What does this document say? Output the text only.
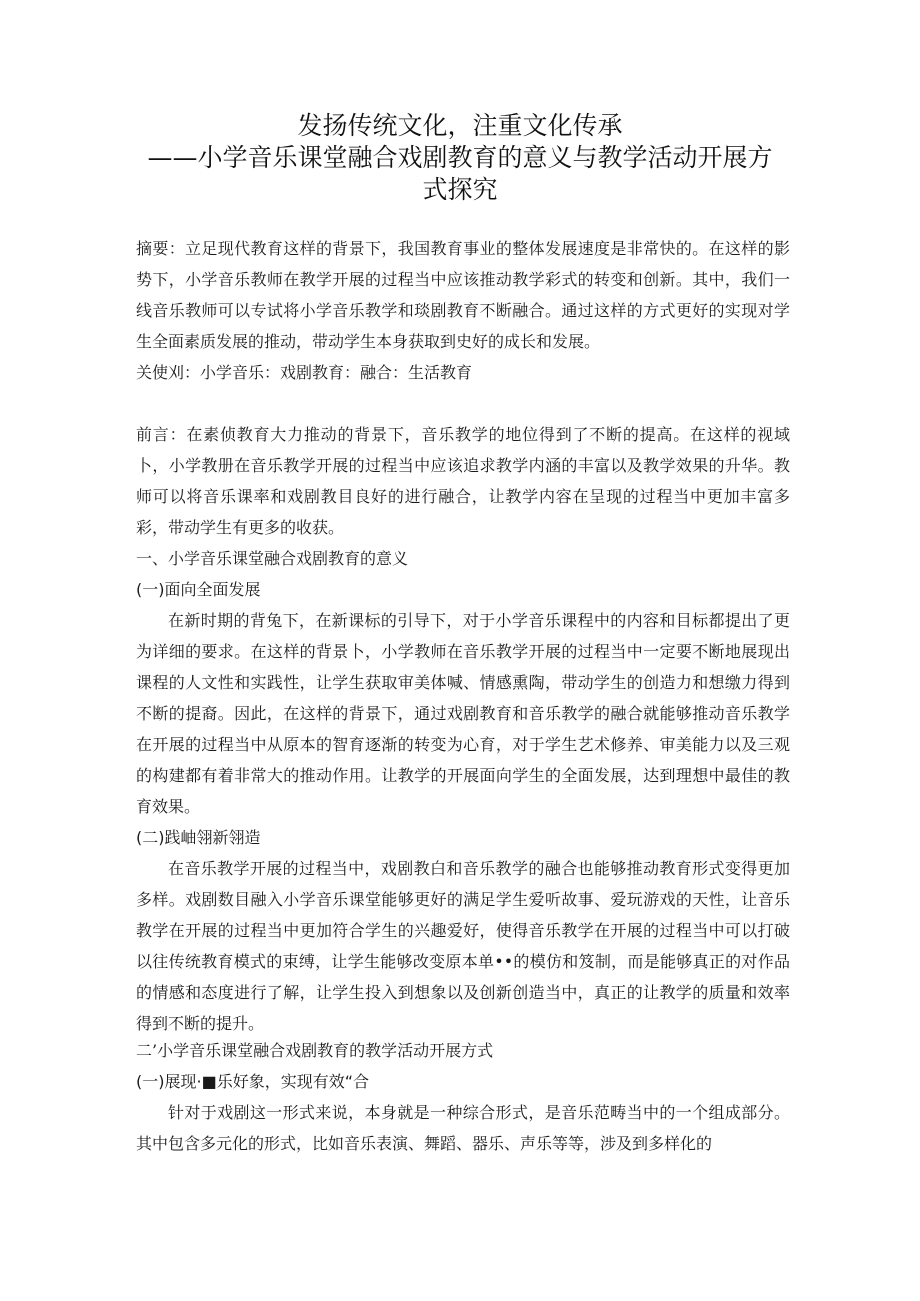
发扬传统文化，注重文化传承
——小学音乐课堂融合戏剧教育的意义与教学活动开展方
式探究

摘要：立足现代教育这样的背景下，我国教育事业的整体发展速度是非常快的。在这样的影势下，小学音乐教师在教学开展的过程当中应该推动教学彩式的转变和创新。其中，我们一线音乐教师可以专试将小学音乐教学和琰剧教育不断融合。通过这样的方式更好的实现对学生全面素质发展的推动，带动学生本身获取到史好的成长和发展。

关使刈：小学音乐：戏剧教育：融合：生活教育

前言：在素侦教育大力推动的背景下，音乐教学的地位得到了不断的提高。在这样的视域卜，小学教册在音乐教学开展的过程当中应该追求教学内涵的丰富以及教学效果的升华。教师可以将音乐课率和戏剧教目良好的进行融合，让教学内容在呈现的过程当中更加丰富多彩，带动学生有更多的收获。

一、小学音乐课堂融合戏剧教育的意义

(一)面向全面发展

在新时期的背兔下，在新课标的引导下，对于小学音乐课程中的内容和目标都提出了更为详细的要求。在这样的背景卜，小学教师在音乐教学开展的过程当中一定要不断地展现出课程的人文性和实践性，让学生获取审美体喊、情感熏陶，带动学生的创造力和想缴力得到不断的提裔。因此，在这样的背景下，通过戏剧教育和音乐教学的融合就能够推动音乐教学在开展的过程当中从原本的智育逐渐的转变为心育，对于学生艺术修养、审美能力以及三观的构建都有着非常大的推动作用。让教学的开展面向学生的全面发展，达到理想中最佳的教育效果。

(二)践岫翎新翎造

在音乐教学开展的过程当中，戏剧教白和音乐教学的融合也能够推动教育形式变得更加多样。戏剧数目融入小学音乐课堂能够更好的满足学生爱听故事、爱玩游戏的天性，让音乐教学在开展的过程当中更加符合学生的兴趣爱好，使得音乐教学在开展的过程当中可以打破以往传统教育模式的束缚，让学生能够改变原本单••的模仿和笈制，而是能够真正的对作品的情感和态度进行了解，让学生投入到想象以及创新创造当中，真正的让教学的质量和效率得到不断的提升。

二’小学音乐课堂融合戏剧教育的教学活动开展方式

(一)展现·■乐好象，实现有效“合

针对于戏剧这一形式来说，本身就是一种综合形式，是音乐范畴当中的一个组成部分。其中包含多元化的形式，比如音乐表演、舞蹈、器乐、声乐等等，涉及到多样化的
